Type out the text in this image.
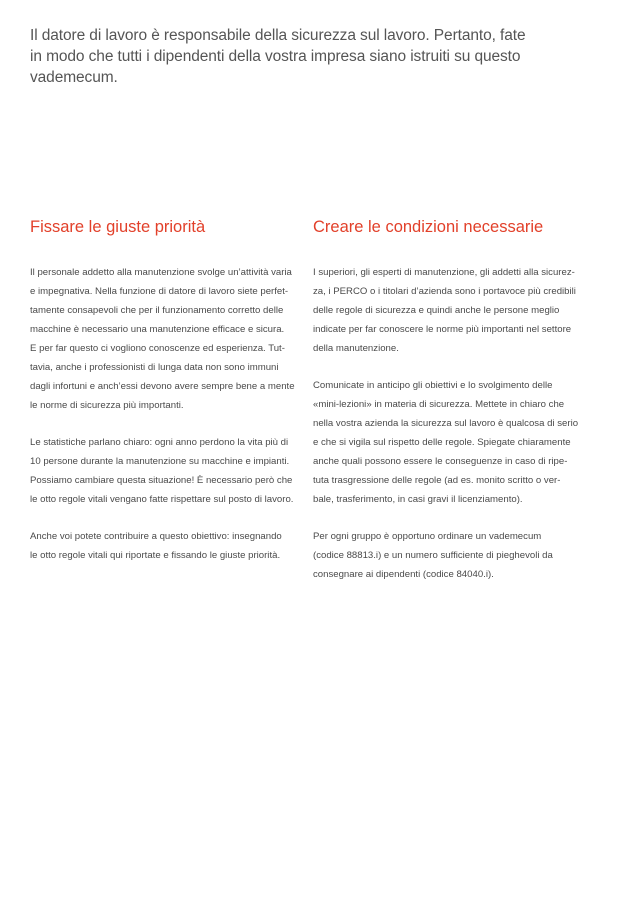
Il datore di lavoro è responsabile della sicurezza sul lavoro. Pertanto, fate
in modo che tutti i dipendenti della vostra impresa siano istruiti su questo
vademecum.

Fissare le giuste priorità

Il personale addetto alla manutenzione svolge un’attività varia
e impegnativa. Nella funzione di datore di lavoro siete perfet-
tamente consapevoli che per il funzionamento corretto delle
macchine è necessario una manutenzione efficace e sicura.
E per far questo ci vogliono conoscenze ed esperienza. Tut-
tavia, anche i professionisti di lunga data non sono immuni
dagli infortuni e anch’essi devono avere sempre bene a mente
le norme di sicurezza più importanti.

Le statistiche parlano chiaro: ogni anno perdono la vita più di
10 persone durante la manutenzione su macchine e impianti.
Possiamo cambiare questa situazione! È necessario però che
le otto regole vitali vengano fatte rispettare sul posto di lavoro.

Anche voi potete contribuire a questo obiettivo: insegnando
le otto regole vitali qui riportate e fissando le giuste priorità.

Creare le condizioni necessarie

I superiori, gli esperti di manutenzione, gli addetti alla sicurez-
za, i PERCO o i titolari d’azienda sono i portavoce più credibili
delle regole di sicurezza e quindi anche le persone meglio
indicate per far conoscere le norme più importanti nel settore
della manutenzione.

Comunicate in anticipo gli obiettivi e lo svolgimento delle
«mini-lezioni» in materia di sicurezza. Mettete in chiaro che
nella vostra azienda la sicurezza sul lavoro è qualcosa di serio
e che si vigila sul rispetto delle regole. Spiegate chiaramente
anche quali possono essere le conseguenze in caso di ripe-
tuta trasgressione delle regole (ad es. monito scritto o ver-
bale, trasferimento, in casi gravi il licenziamento).

Per ogni gruppo è opportuno ordinare un vademecum
(codice 88813.i) e un numero sufficiente di pieghevoli da
consegnare ai dipendenti (codice 84040.i).
